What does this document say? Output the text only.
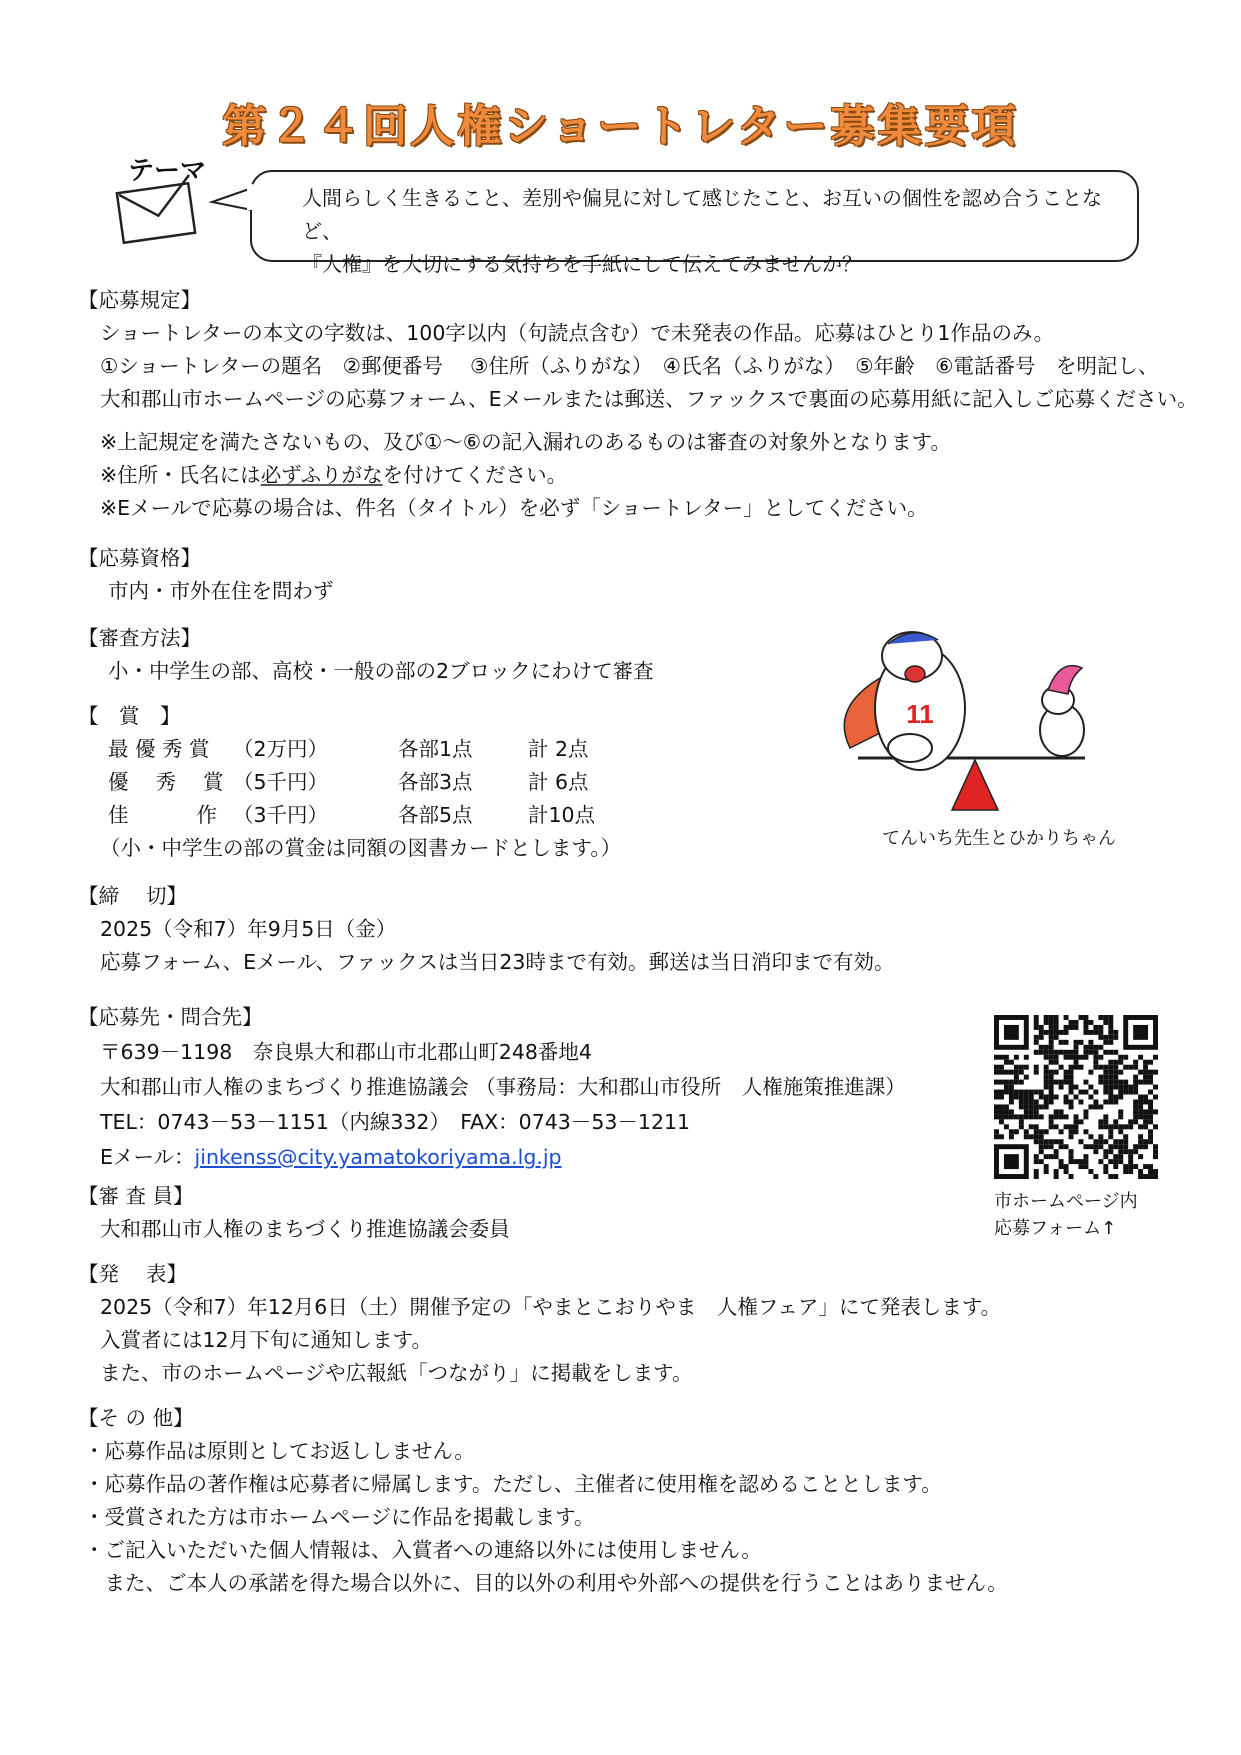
第２４回人権ショートレター募集要項
テーマ
人間らしく生きること、差別や偏見に対して感じたこと、お互いの個性を認め合うことなど、
『人権』を大切にする気持ちを手紙にして伝えてみませんか？
【応募規定】
ショートレターの本文の字数は、100字以内（句読点含む）で未発表の作品。応募はひとり1作品のみ。
①ショートレターの題名　②郵便番号　 ③住所（ふりがな）　④氏名（ふりがな）　⑤年齢　⑥電話番号　を明記し、
大和郡山市ホームページの応募フォーム、Eメールまたは郵送、ファックスで裏面の応募用紙に記入しご応募ください。
※上記規定を満たさないもの、及び①～⑥の記入漏れのあるものは審査の対象外となります。
※住所・氏名には必ずふりがなを付けてください。
※Eメールで応募の場合は、件名（タイトル）を必ず「ショートレター」としてください。
【応募資格】
市内・市外在住を問わず
【審査方法】
小・中学生の部、高校・一般の部の2ブロックにわけて審査
【　賞　】
最 優 秀 賞	（2万円）	各部1点	計 2点
優　 秀　 賞 （5千円）	各部3点	計 6点
佳　　　 作 （3千円）	各部5点	計10点
（小・中学生の部の賞金は同額の図書カードとします。）
11
てんいち先生とひかりちゃん
【締　 切】
2025（令和7）年9月5日（金）
応募フォーム、Eメール、ファックスは当日23時まで有効。郵送は当日消印まで有効。
【応募先・問合先】
〒639－1198　奈良県大和郡山市北郡山町248番地4
大和郡山市人権のまちづくり推進協議会 （事務局：大和郡山市役所　人権施策推進課）
TEL：0743－53－1151（内線332）　FAX：0743－53－1211
Eメール：jinkenss@city.yamatokoriyama.lg.jp
市ホームページ内
応募フォーム↑
【審 査 員】
大和郡山市人権のまちづくり推進協議会委員
【発　 表】
2025（令和7）年12月6日（土）開催予定の「やまとこおりやま　人権フェア」にて発表します。
入賞者には12月下旬に通知します。
また、市のホームページや広報紙「つながり」に掲載をします。
【そ の 他】
・応募作品は原則としてお返ししません。
・応募作品の著作権は応募者に帰属します。ただし、主催者に使用権を認めることとします。
・受賞された方は市ホームページに作品を掲載します。
・ご記入いただいた個人情報は、入賞者への連絡以外には使用しません。
　また、ご本人の承諾を得た場合以外に、目的以外の利用や外部への提供を行うことはありません。
